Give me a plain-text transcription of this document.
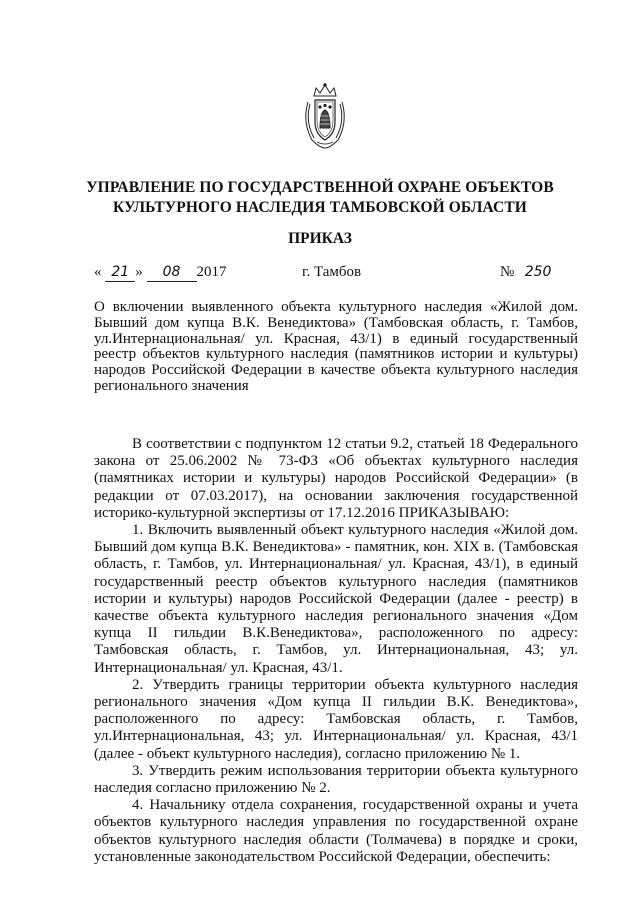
УПРАВЛЕНИЕ ПО ГОСУДАРСТВЕННОЙ ОХРАНЕ ОБЪЕКТОВ
КУЛЬТУРНОГО НАСЛЕДИЯ ТАМБОВСКОЙ ОБЛАСТИ
ПРИКАЗ
« 21 » 08 2017	г. Тамбов	№ 250
О включении выявленного объекта культурного наследия «Жилой дом. Бывший дом купца В.К. Венедиктова» (Тамбовская область, г. Тамбов, ул.Интернациональная/ ул. Красная, 43/1) в единый государственный реестр объектов культурного наследия (памятников истории и культуры) народов Российской Федерации в качестве объекта культурного наследия регионального значения

В соответствии с подпунктом 12 статьи 9.2, статьей 18 Федерального закона от 25.06.2002 № 73-ФЗ «Об объектах культурного наследия (памятниках истории и культуры) народов Российской Федерации» (в редакции от 07.03.2017), на основании заключения государственной историко-культурной экспертизы от 17.12.2016 ПРИКАЗЫВАЮ:

1. Включить выявленный объект культурного наследия «Жилой дом. Бывший дом купца В.К. Венедиктова» - памятник, кон. XIX в. (Тамбовская область, г. Тамбов, ул. Интернациональная/ ул. Красная, 43/1), в единый государственный реестр объектов культурного наследия (памятников истории и культуры) народов Российской Федерации (далее - реестр) в качестве объекта культурного наследия регионального значения «Дом купца II гильдии В.К.Венедиктова», расположенного по адресу: Тамбовская область, г. Тамбов, ул. Интернациональная, 43; ул. Интернациональная/ ул. Красная, 43/1.

2. Утвердить границы территории объекта культурного наследия регионального значения «Дом купца II гильдии В.К. Венедиктова», расположенного по адресу: Тамбовская область, г. Тамбов, ул.Интернациональная, 43; ул. Интернациональная/ ул. Красная, 43/1 (далее - объект культурного наследия), согласно приложению № 1.

3. Утвердить режим использования территории объекта культурного наследия согласно приложению № 2.

4. Начальнику отдела сохранения, государственной охраны и учета объектов культурного наследия управления по государственной охране объектов культурного наследия области (Толмачева) в порядке и сроки, установленные законодательством Российской Федерации, обеспечить:
